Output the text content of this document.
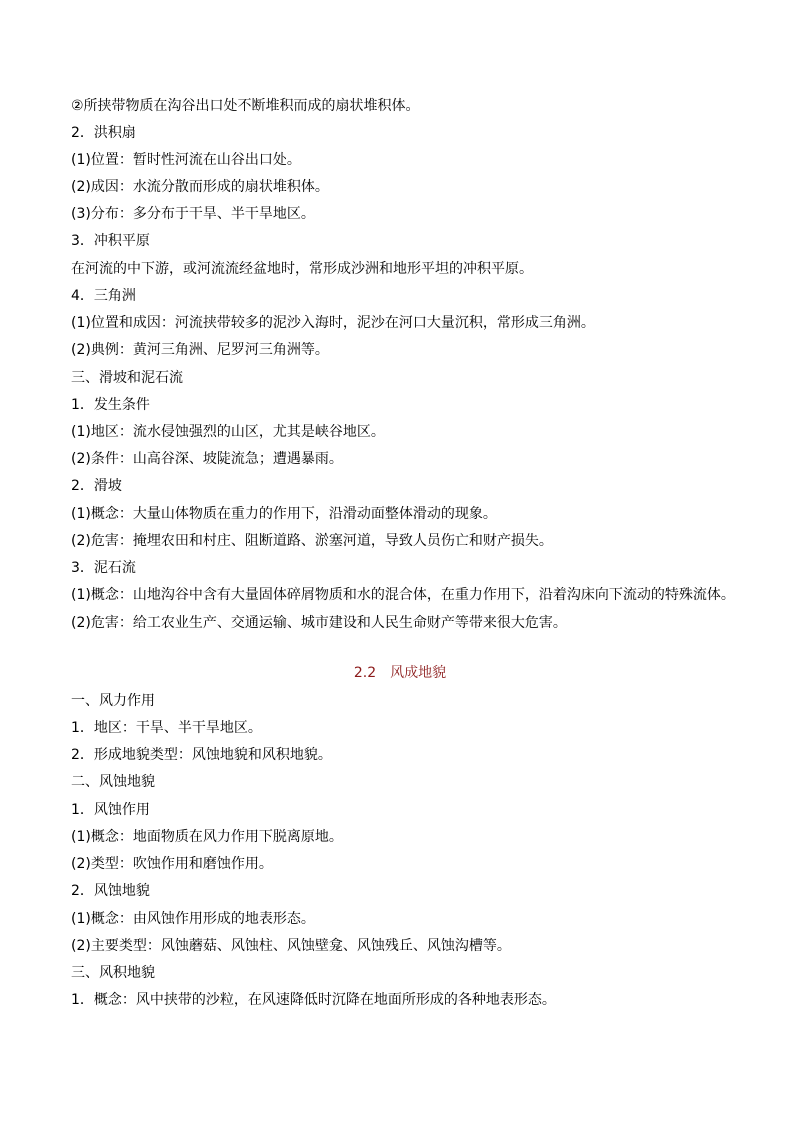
②所挟带物质在沟谷出口处不断堆积而成的扇状堆积体。
2．洪积扇
(1)位置：暂时性河流在山谷出口处。
(2)成因：水流分散而形成的扇状堆积体。
(3)分布：多分布于干旱、半干旱地区。
3．冲积平原
在河流的中下游，或河流流经盆地时，常形成沙洲和地形平坦的冲积平原。
4．三角洲
(1)位置和成因：河流挟带较多的泥沙入海时，泥沙在河口大量沉积，常形成三角洲。
(2)典例：黄河三角洲、尼罗河三角洲等。
三、滑坡和泥石流
1．发生条件
(1)地区：流水侵蚀强烈的山区，尤其是峡谷地区。
(2)条件：山高谷深、坡陡流急；遭遇暴雨。
2．滑坡
(1)概念：大量山体物质在重力的作用下，沿滑动面整体滑动的现象。
(2)危害：掩埋农田和村庄、阻断道路、淤塞河道，导致人员伤亡和财产损失。
3．泥石流
(1)概念：山地沟谷中含有大量固体碎屑物质和水的混合体，在重力作用下，沿着沟床向下流动的特殊流体。
(2)危害：给工农业生产、交通运输、城市建设和人民生命财产等带来很大危害。
2.2　风成地貌
一、风力作用
1．地区：干旱、半干旱地区。
2．形成地貌类型：风蚀地貌和风积地貌。
二、风蚀地貌
1．风蚀作用
(1)概念：地面物质在风力作用下脱离原地。
(2)类型：吹蚀作用和磨蚀作用。
2．风蚀地貌
(1)概念：由风蚀作用形成的地表形态。
(2)主要类型：风蚀蘑菇、风蚀柱、风蚀壁龛、风蚀残丘、风蚀沟槽等。
三、风积地貌
1．概念：风中挟带的沙粒，在风速降低时沉降在地面所形成的各种地表形态。
